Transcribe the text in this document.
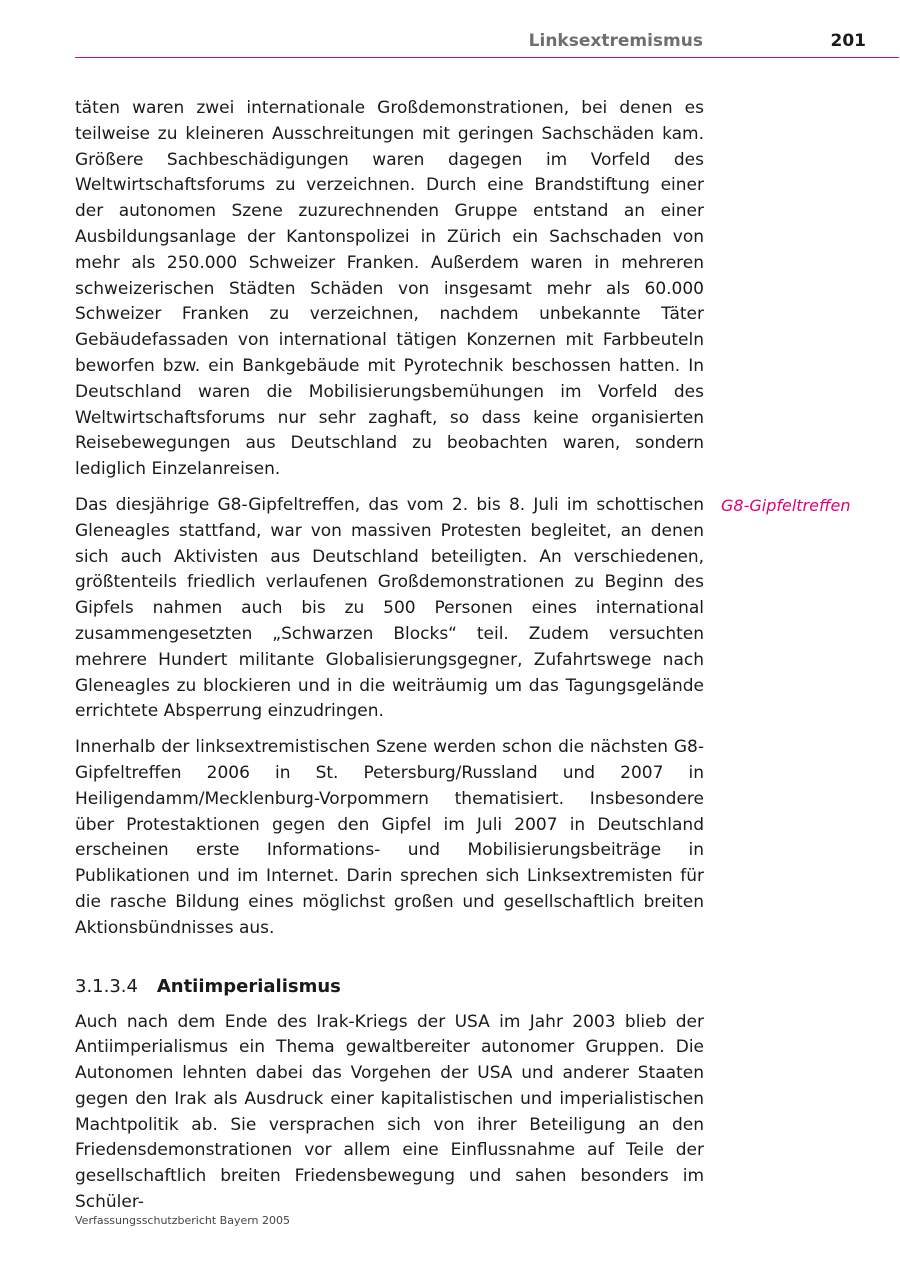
Linksextremismus	201

täten waren zwei internationale Großdemonstrationen, bei denen es teilweise zu kleineren Ausschreitungen mit geringen Sachschäden kam. Größere Sachbeschädigungen waren dagegen im Vorfeld des Weltwirtschaftsforums zu verzeichnen. Durch eine Brandstiftung einer der autonomen Szene zuzurechnenden Gruppe entstand an einer Ausbildungsanlage der Kantonspolizei in Zürich ein Sachschaden von mehr als 250.000 Schweizer Franken. Außerdem waren in mehreren schweizerischen Städten Schäden von insgesamt mehr als 60.000 Schweizer Franken zu verzeichnen, nachdem unbekannte Täter Gebäudefassaden von international tätigen Konzernen mit Farbbeuteln beworfen bzw. ein Bankgebäude mit Pyrotechnik beschossen hatten. In Deutschland waren die Mobilisierungsbemühungen im Vorfeld des Weltwirtschaftsforums nur sehr zaghaft, so dass keine organisierten Reisebewegungen aus Deutschland zu beobachten waren, sondern lediglich Einzelanreisen.

G8-Gipfeltreffen

Das diesjährige G8-Gipfeltreffen, das vom 2. bis 8. Juli im schottischen Gleneagles stattfand, war von massiven Protesten begleitet, an denen sich auch Aktivisten aus Deutschland beteiligten. An verschiedenen, größtenteils friedlich verlaufenen Großdemonstrationen zu Beginn des Gipfels nahmen auch bis zu 500 Personen eines international zusammengesetzten „Schwarzen Blocks“ teil. Zudem versuchten mehrere Hundert militante Globalisierungsgegner, Zufahrtswege nach Gleneagles zu blockieren und in die weiträumig um das Tagungsgelände errichtete Absperrung einzudringen.

Innerhalb der linksextremistischen Szene werden schon die nächsten G8-Gipfeltreffen 2006 in St. Petersburg/Russland und 2007 in Heiligendamm/Mecklenburg-Vorpommern thematisiert. Insbesondere über Protestaktionen gegen den Gipfel im Juli 2007 in Deutschland erscheinen erste Informations- und Mobilisierungsbeiträge in Publikationen und im Internet. Darin sprechen sich Linksextremisten für die rasche Bildung eines möglichst großen und gesellschaftlich breiten Aktionsbündnisses aus.

3.1.3.4 Antiimperialismus

Auch nach dem Ende des Irak-Kriegs der USA im Jahr 2003 blieb der Antiimperialismus ein Thema gewaltbereiter autonomer Gruppen. Die Autonomen lehnten dabei das Vorgehen der USA und anderer Staaten gegen den Irak als Ausdruck einer kapitalistischen und imperialistischen Machtpolitik ab. Sie versprachen sich von ihrer Beteiligung an den Friedensdemonstrationen vor allem eine Einflussnahme auf Teile der gesellschaftlich breiten Friedensbewegung und sahen besonders im Schüler-

Verfassungsschutzbericht Bayern 2005
